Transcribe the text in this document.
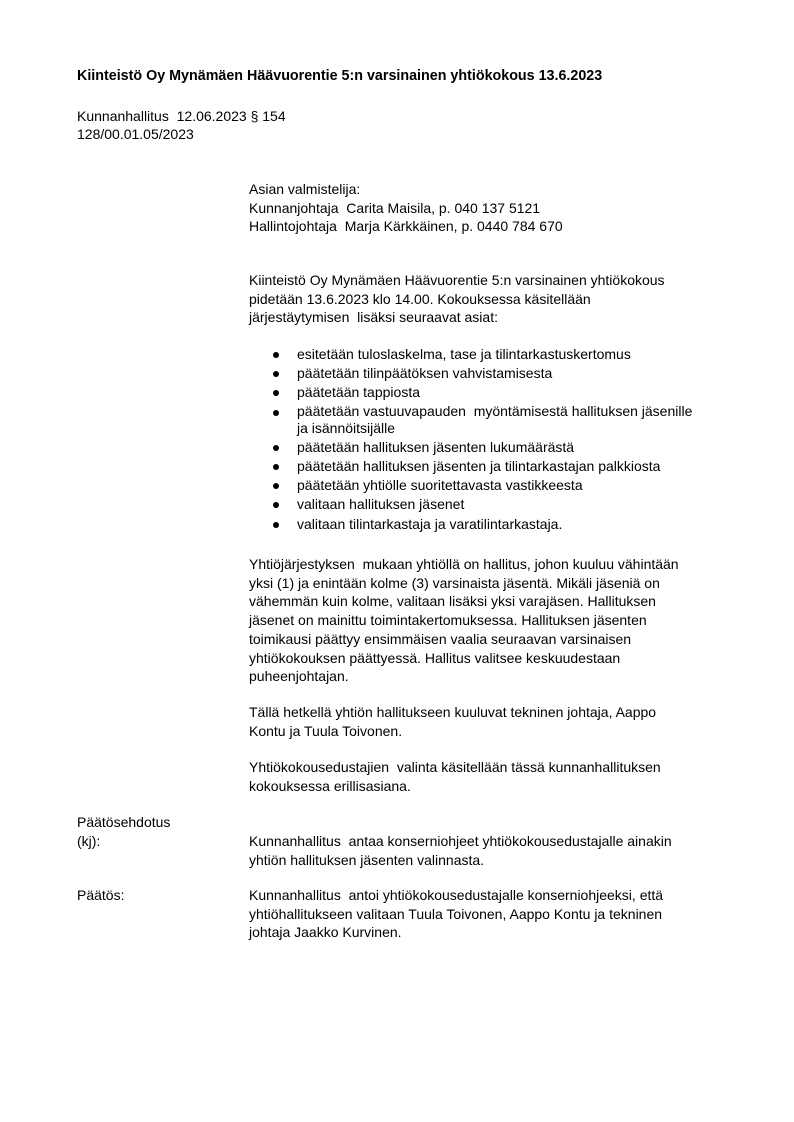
Kiinteistö Oy Mynämäen Häävuorentie 5:n varsinainen yhtiökokous 13.6.2023
Kunnanhallitus  12.06.2023 § 154
128/00.01.05/2023
Asian valmistelija:
Kunnanjohtaja  Carita Maisila, p. 040 137 5121
Hallintojohtaja  Marja Kärkkäinen, p. 0440 784 670
Kiinteistö Oy Mynämäen Häävuorentie 5:n varsinainen yhtiökokous
pidetään 13.6.2023 klo 14.00. Kokouksessa käsitellään
järjestäytymisen  lisäksi seuraavat asiat:
esitetään tuloslaskelma, tase ja tilintarkastuskertomus
päätetään tilinpäätöksen vahvistamisesta
päätetään tappiosta
päätetään vastuuvapauden  myöntämisestä hallituksen jäsenille ja isännöitsijälle
päätetään hallituksen jäsenten lukumäärästä
päätetään hallituksen jäsenten ja tilintarkastajan palkkiosta
päätetään yhtiölle suoritettavasta vastikkeesta
valitaan hallituksen jäsenet
valitaan tilintarkastaja ja varatilintarkastaja.
Yhtiöjärjestyksen  mukaan yhtiöllä on hallitus, johon kuuluu vähintään
yksi (1) ja enintään kolme (3) varsinaista jäsentä. Mikäli jäseniä on
vähemmän kuin kolme, valitaan lisäksi yksi varajäsen. Hallituksen
jäsenet on mainittu toimintakertomuksessa. Hallituksen jäsenten
toimikausi päättyy ensimmäisen vaalia seuraavan varsinaisen
yhtiökokouksen päättyessä. Hallitus valitsee keskuudestaan
puheenjohtajan.
Tällä hetkellä yhtiön hallitukseen kuuluvat tekninen johtaja, Aappo
Kontu ja Tuula Toivonen.
Yhtiökokousedustajien  valinta käsitellään tässä kunnanhallituksen
kokouksessa erillisasiana.
Päätösehdotus
(kj):	Kunnanhallitus  antaa konserniohjeet yhtiökokousedustajalle ainakin
yhtiön hallituksen jäsenten valinnasta.
Päätös:	Kunnanhallitus  antoi yhtiökokousedustajalle konserniohjeeksi, että
yhtiöhallitukseen valitaan Tuula Toivonen, Aappo Kontu ja tekninen
johtaja Jaakko Kurvinen.
